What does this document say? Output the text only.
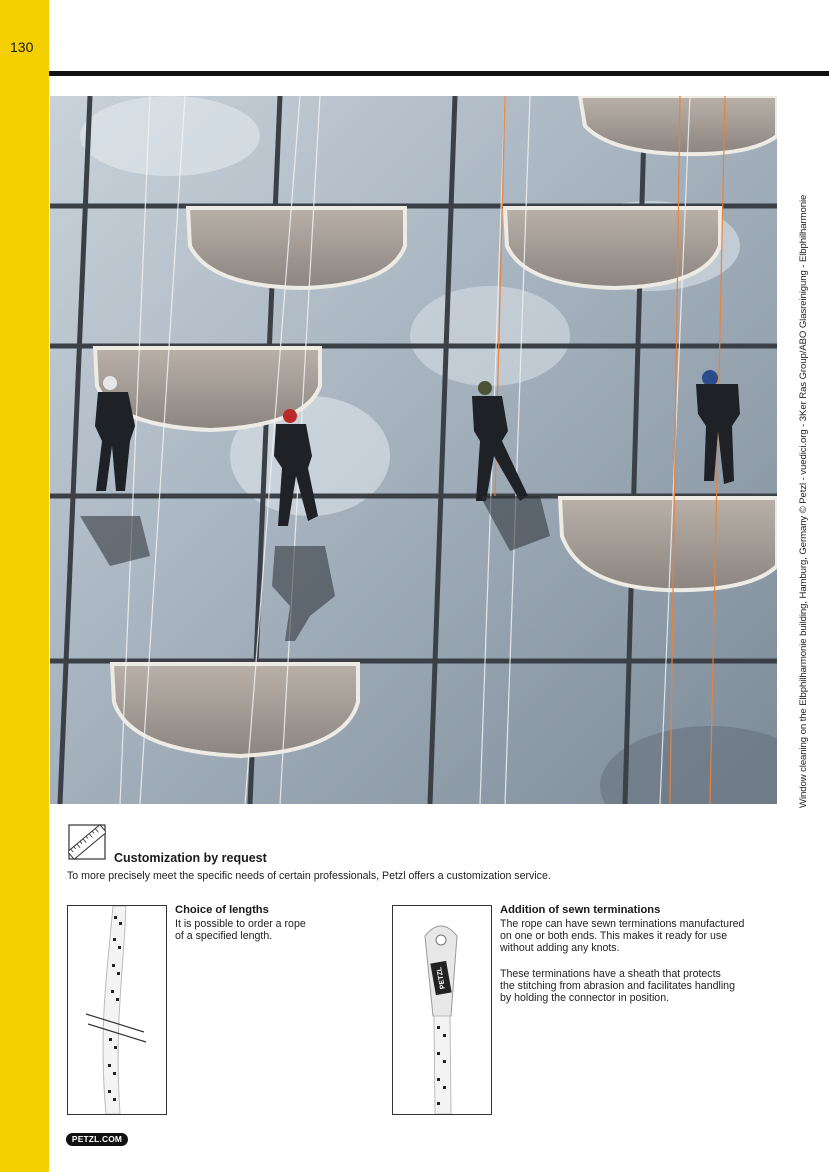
130
Window cleaning on the Elbphilharmonie building, Hamburg, Germany © Petzl - vuedici.org - 3Ker Ras Group/ABO Glasreinigung - Elbphilharmonie
Customization by request
To more precisely meet the specific needs of certain professionals, Petzl offers a customization service.
Choice of lengths
It is possible to order a rope
of a specified length.
PETZL
Addition of sewn terminations
The rope can have sewn terminations manufactured
on one or both ends. This makes it ready for use
without adding any knots.
These terminations have a sheath that protects
the stitching from abrasion and facilitates handling
by holding the connector in position.
PETZL.COM
